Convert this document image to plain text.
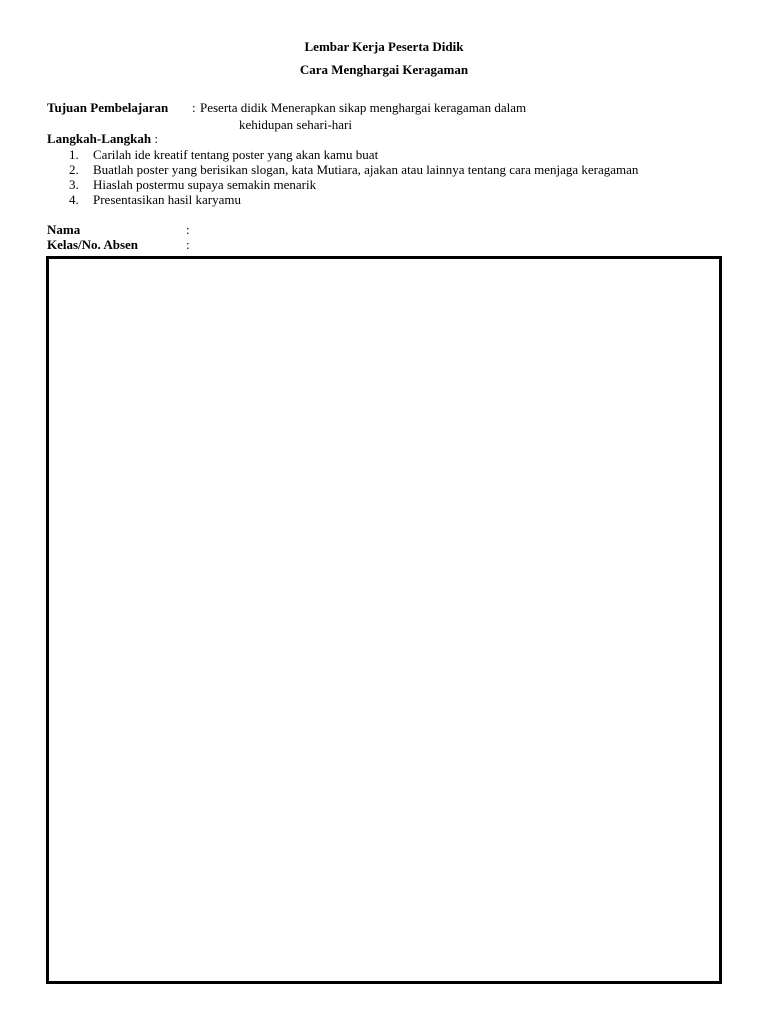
Lembar Kerja Peserta Didik
Cara Menghargai Keragaman
Tujuan Pembelajaran : Peserta didik Menerapkan sikap menghargai keragaman dalam
kehidupan sehari-hari
Langkah-Langkah :
1. Carilah ide kreatif tentang poster yang akan kamu buat
2. Buatlah poster yang berisikan slogan, kata Mutiara, ajakan atau lainnya tentang cara menjaga keragaman
3. Hiaslah postermu supaya semakin menarik
4. Presentasikan hasil karyamu
Nama	:
Kelas/No. Absen	:
